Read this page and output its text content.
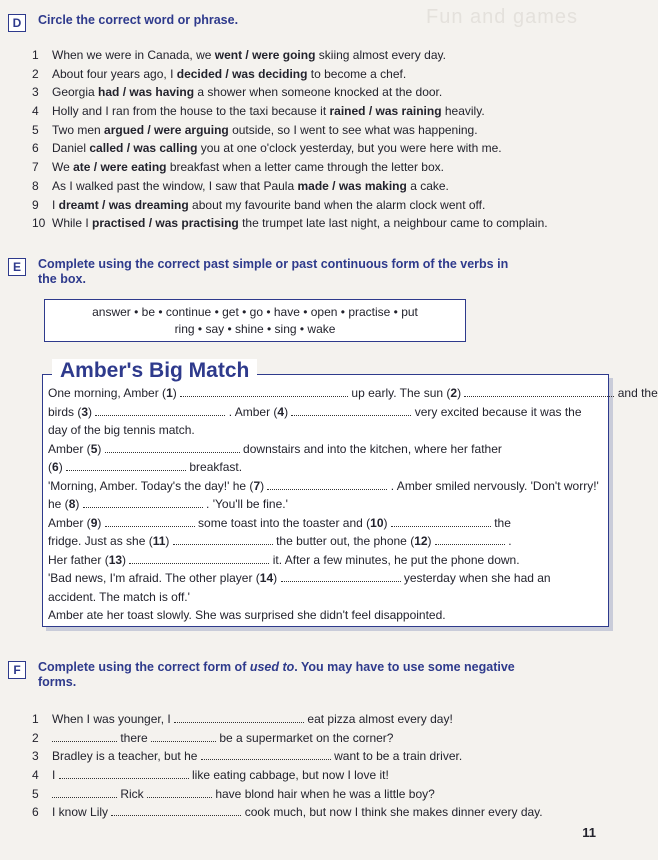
Fun and games
D	Circle the correct word or phrase.
1 When we were in Canada, we went / were going skiing almost every day.
2 About four years ago, I decided / was deciding to become a chef.
3 Georgia had / was having a shower when someone knocked at the door.
4 Holly and I ran from the house to the taxi because it rained / was raining heavily.
5 Two men argued / were arguing outside, so I went to see what was happening.
6 Daniel called / was calling you at one o'clock yesterday, but you were here with me.
7 We ate / were eating breakfast when a letter came through the letter box.
8 As I walked past the window, I saw that Paula made / was making a cake.
9 I dreamt / was dreaming about my favourite band when the alarm clock went off.
10 While I practised / was practising the trumpet late last night, a neighbour came to complain.
E	Complete using the correct past simple or past continuous form of the verbs in
the box.
answer • be • continue • get • go • have • open • practise • put
ring • say • shine • sing • wake
Amber's Big Match
One morning, Amber (1)	up early. The sun (2)	and the
birds (3)	. Amber (4)	very excited because it was the
day of the big tennis match.
Amber (5)	downstairs and into the kitchen, where her father
(6)	breakfast.
'Morning, Amber. Today's the day!' he (7)	. Amber smiled nervously. 'Don't worry!'
he (8)	. 'You'll be fine.'
Amber (9)	some toast into the toaster and (10)	the
fridge. Just as she (11)	the butter out, the phone (12)	.
Her father (13)	it. After a few minutes, he put the phone down.
'Bad news, I'm afraid. The other player (14)	yesterday when she had an
accident. The match is off.'
Amber ate her toast slowly. She was surprised she didn't feel disappointed.
F	Complete using the correct form of used to. You may have to use some negative
forms.
1 When I was younger, I	eat pizza almost every day!
2	there	be a supermarket on the corner?
3 Bradley is a teacher, but he	want to be a train driver.
4 I	like eating cabbage, but now I love it!
5	Rick	have blond hair when he was a little boy?
6 I know Lily	cook much, but now I think she makes dinner every day.
11
